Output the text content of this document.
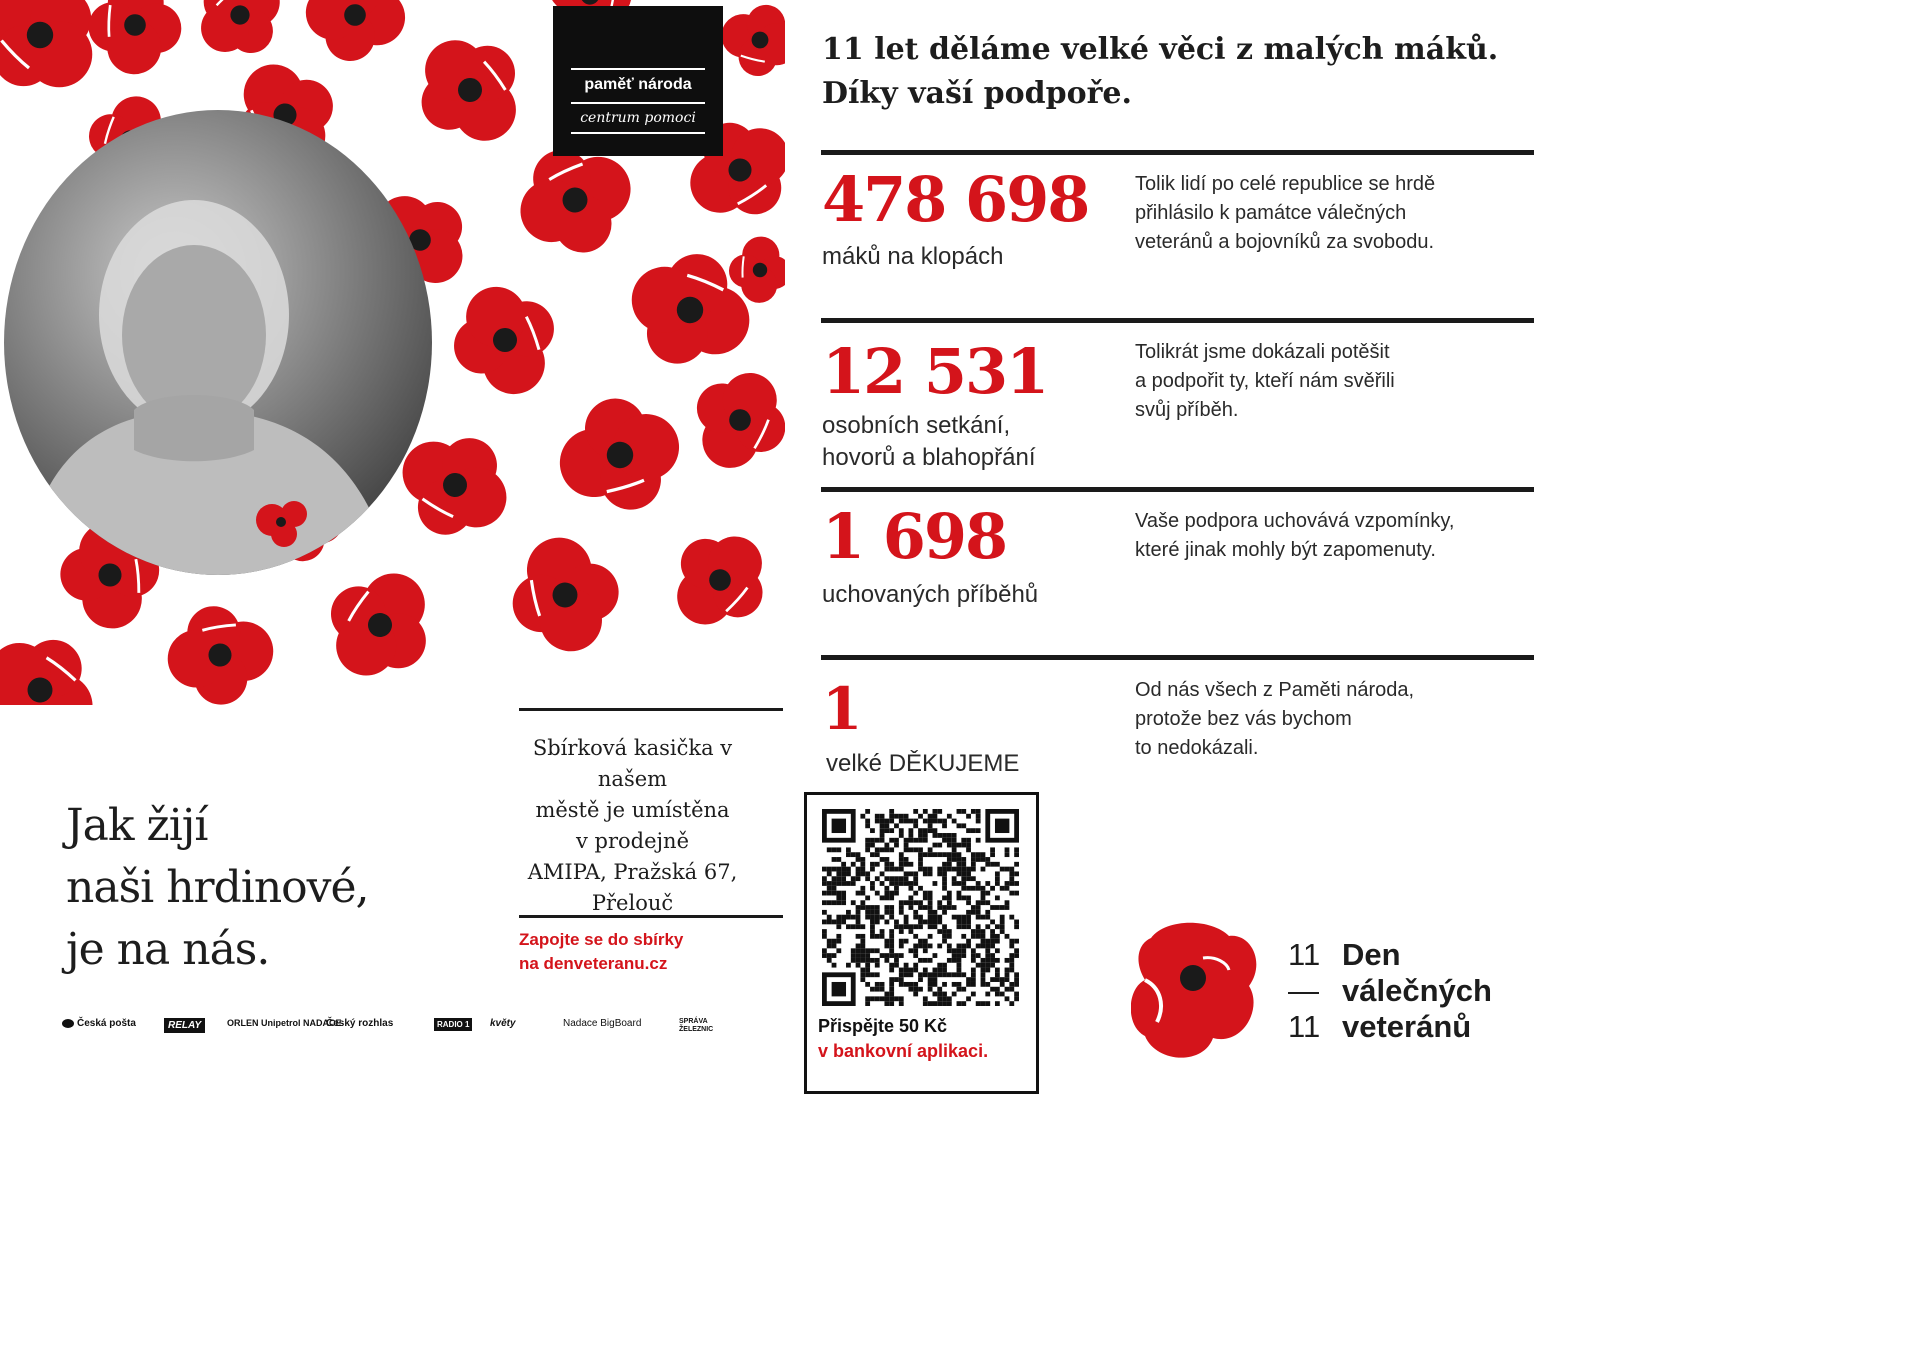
paměť národa
centrum pomoci
Jak žijí
naši hrdinové,
je na nás.
Sbírková kasička v našem
městě je umístěna
v prodejně
AMIPA, Pražská 67,
Přelouč
Zapojte se do sbírky
na denveteranu.cz
Česká pošta	RELAY	ORLEN Unipetrol NADACE
Český rozhlas	RADIO 1	květy	Nadace BigBoard	SPRÁVA ŽELEZNIC
11 let děláme velké věci z malých máků.
Díky vaší podpoře.
478 698
máků na klopách
Tolik lidí po celé republice se hrdě
přihlásilo k památce válečných
veteránů a bojovníků za svobodu.
12 531
osobních setkání,
hovorů a blahopřání
Tolikrát jsme dokázali potěšit
a podpořit ty, kteří nám svěřili
svůj příběh.
1 698
uchovaných příběhů
Vaše podpora uchovává vzpomínky,
které jinak mohly být zapomenuty.
1
velké DĚKUJEME
Od nás všech z Paměti národa,
protože bez vás bychom
to nedokázali.
Přispějte 50 Kč
v bankovní aplikaci.
11
—
11
Den
válečných
veteránů
